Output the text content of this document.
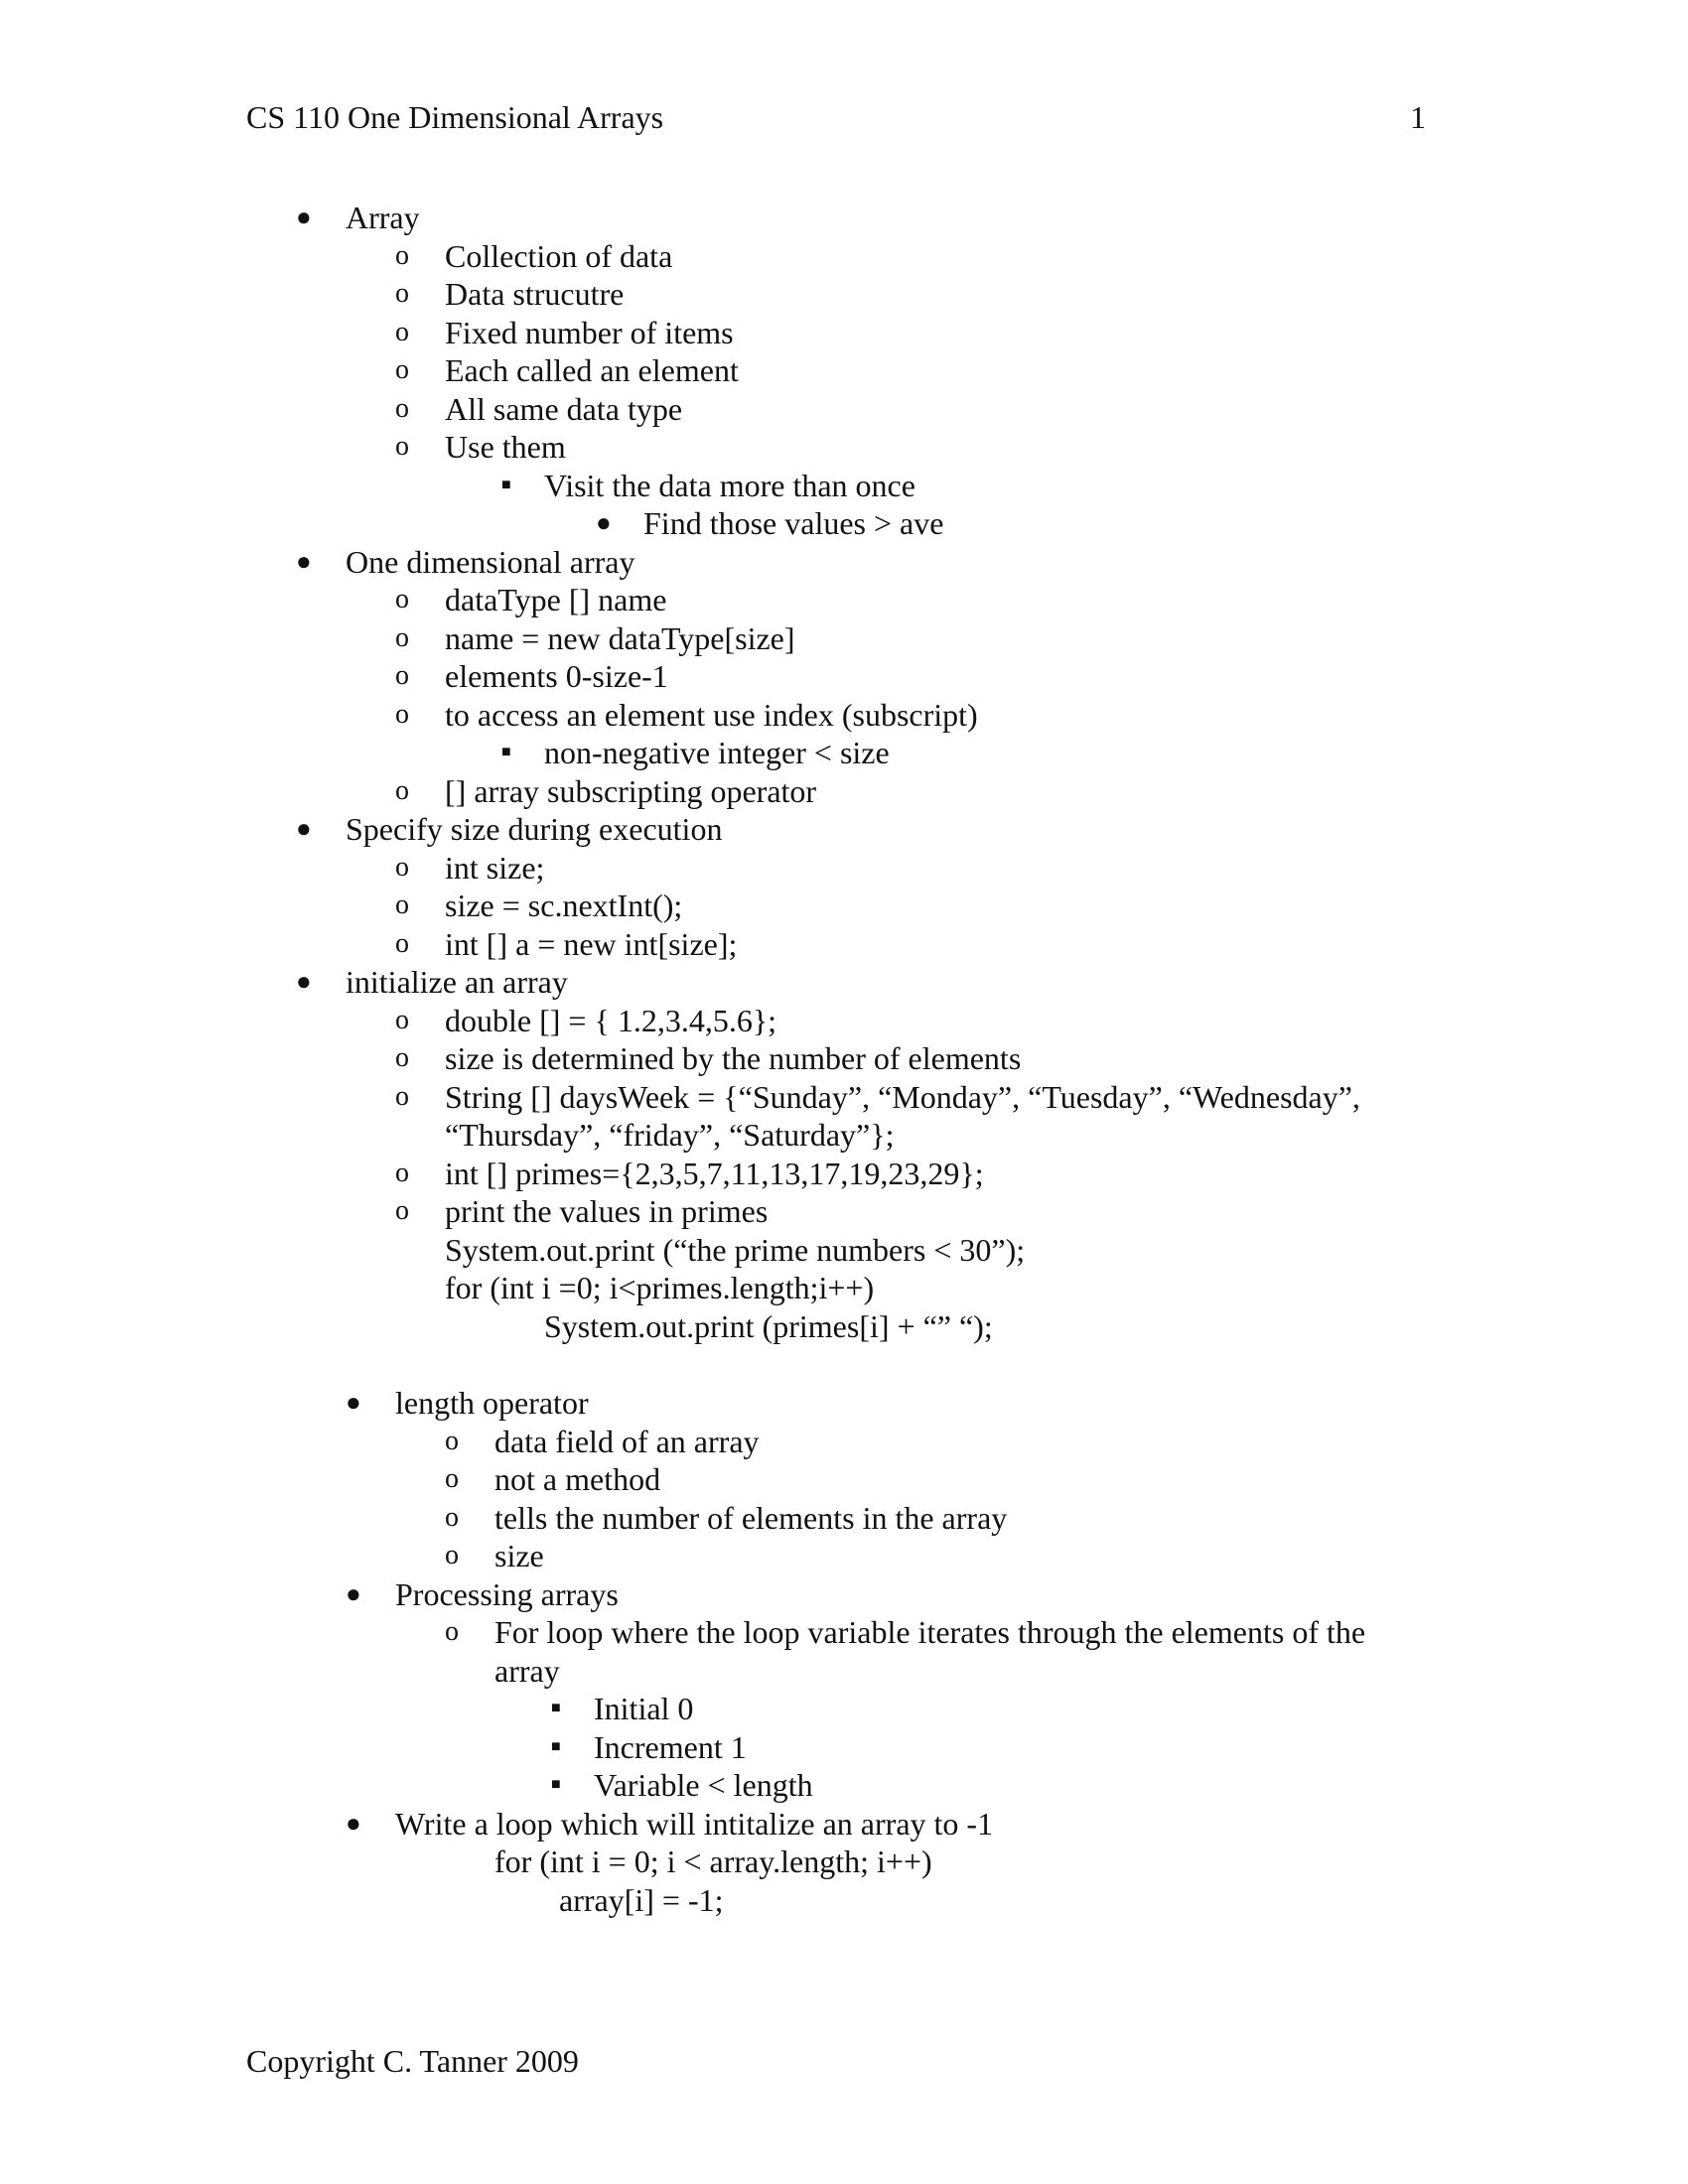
CS 110 One Dimensional Arrays	1
● Array
o Collection of data
o Data strucutre
o Fixed number of items
o Each called an element
o All same data type
o Use them
■ Visit the data more than once
● Find those values > ave
● One dimensional array
o dataType [] name
o name = new dataType[size]
o elements 0-size-1
o to access an element use index (subscript)
■ non-negative integer < size
o [] array subscripting operator
● Specify size during execution
o int size;
o size = sc.nextInt();
o int [] a = new int[size];
● initialize an array
o double [] = { 1.2,3.4,5.6};
o size is determined by the number of elements
o String [] daysWeek = {“Sunday”, “Monday”, “Tuesday”, “Wednesday”,
“Thursday”, “friday”, “Saturday”};
o int [] primes={2,3,5,7,11,13,17,19,23,29};
o print the values in primes
System.out.print (“the prime numbers < 30”);
for (int i =0; i<primes.length;i++)
System.out.print (primes[i] + “” “);
● length operator
o data field of an array
o not a method
o tells the number of elements in the array
o size
● Processing arrays
o For loop where the loop variable iterates through the elements of the
array
■ Initial 0
■ Increment 1
■ Variable < length
● Write a loop which will intitalize an array to -1
for (int i = 0; i < array.length; i++)
array[i] = -1;
Copyright C. Tanner 2009
